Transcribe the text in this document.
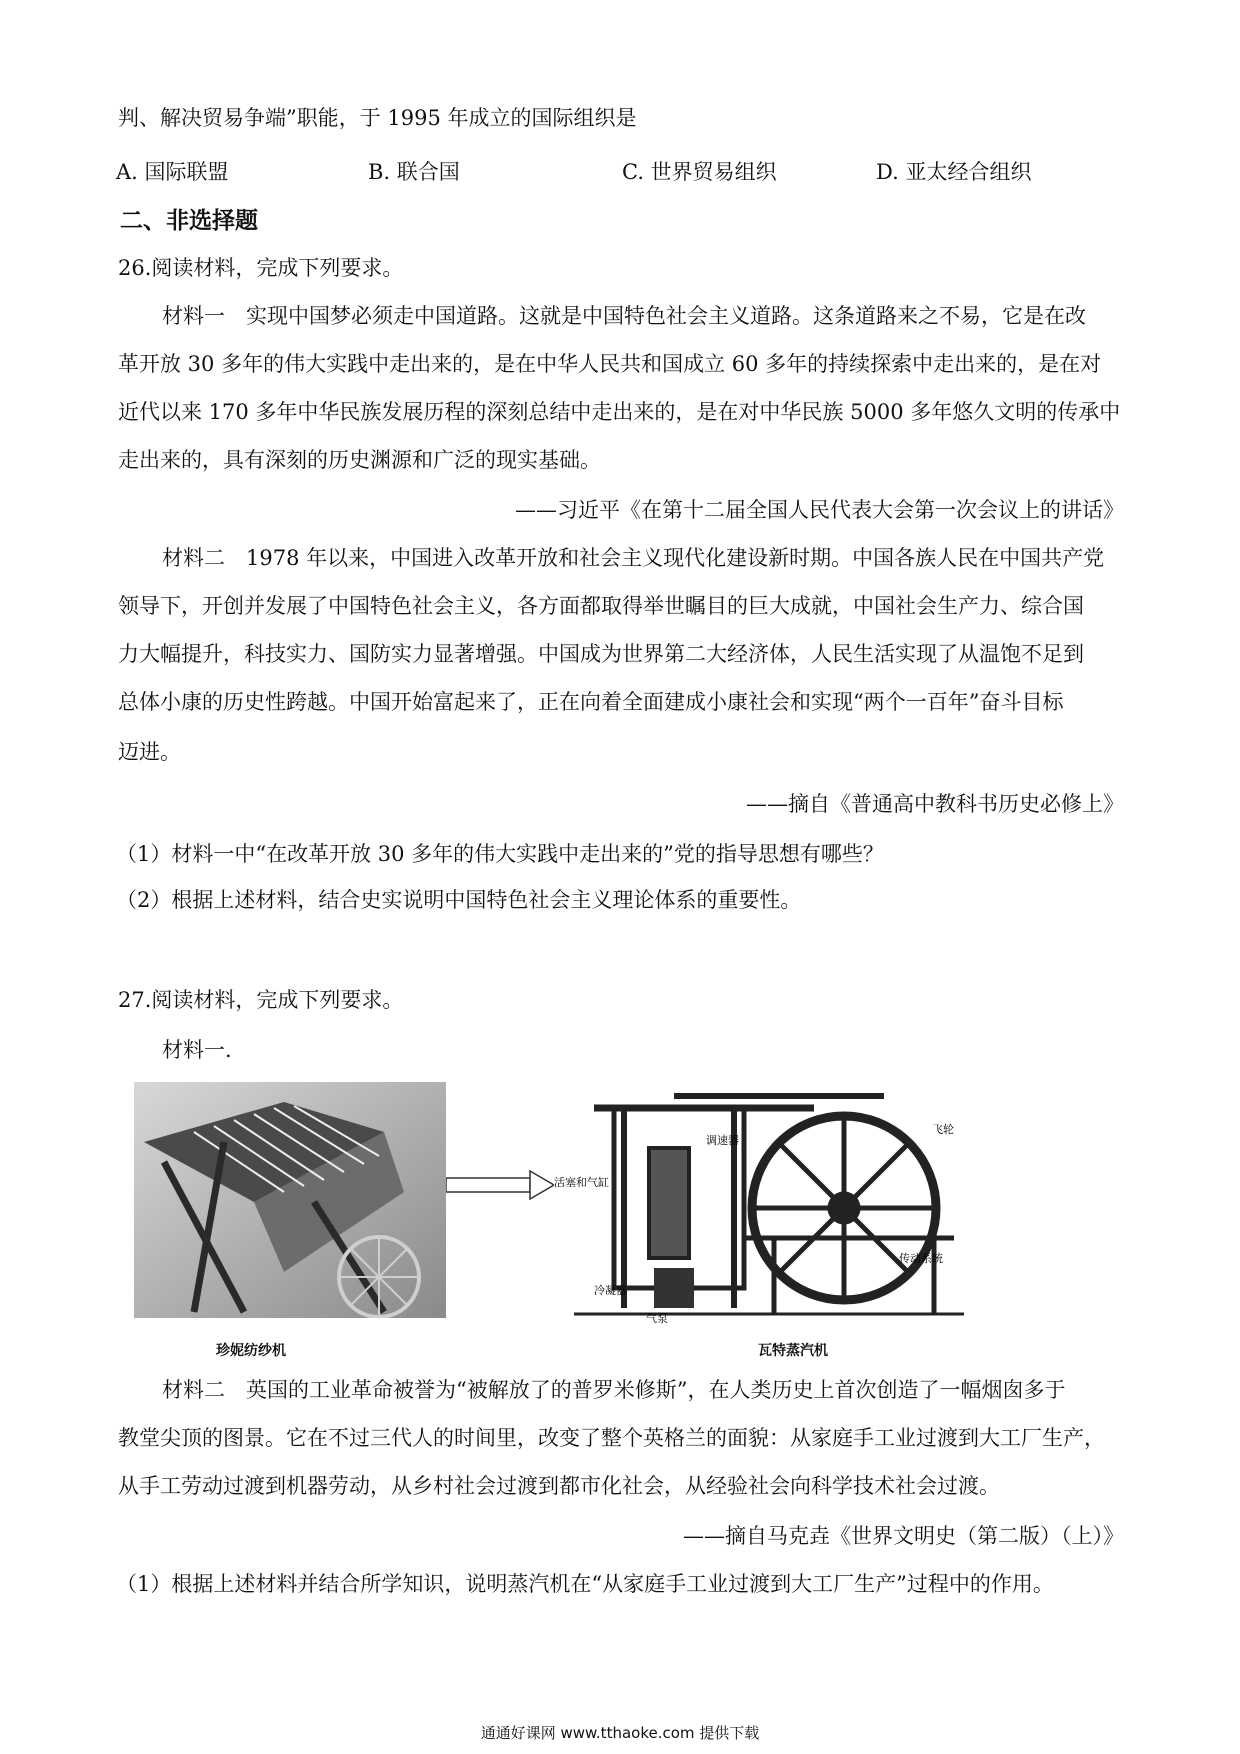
判、解决贸易争端”职能，于 1995 年成立的国际组织是
A. 国际联盟	B. 联合国	C. 世界贸易组织	D. 亚太经合组织
二、非选择题
26.阅读材料，完成下列要求。
材料一　实现中国梦必须走中国道路。这就是中国特色社会主义道路。这条道路来之不易，它是在改
革开放 30 多年的伟大实践中走出来的，是在中华人民共和国成立 60 多年的持续探索中走出来的，是在对
近代以来 170 多年中华民族发展历程的深刻总结中走出来的，是在对中华民族 5000 多年悠久文明的传承中
走出来的，具有深刻的历史渊源和广泛的现实基础。
——习近平《在第十二届全国人民代表大会第一次会议上的讲话》
材料二　1978 年以来，中国进入改革开放和社会主义现代化建设新时期。中国各族人民在中国共产党
领导下，开创并发展了中国特色社会主义，各方面都取得举世瞩目的巨大成就，中国社会生产力、综合国
力大幅提升，科技实力、国防实力显著增强。中国成为世界第二大经济体，人民生活实现了从温饱不足到
总体小康的历史性跨越。中国开始富起来了，正在向着全面建成小康社会和实现“两个一百年”奋斗目标
迈进。
——摘自《普通高中教科书历史必修上》
（1）材料一中“在改革开放 30 多年的伟大实践中走出来的”党的指导思想有哪些？
（2）根据上述材料，结合史实说明中国特色社会主义理论体系的重要性。
27.阅读材料，完成下列要求。
材料一.
珍妮纺纱机
飞轮
调速器
活塞和气缸
传动系统
冷凝器
气泵
瓦特蒸汽机
材料二　英国的工业革命被誉为“被解放了的普罗米修斯”，在人类历史上首次创造了一幅烟囱多于
教堂尖顶的图景。它在不过三代人的时间里，改变了整个英格兰的面貌：从家庭手工业过渡到大工厂生产，
从手工劳动过渡到机器劳动，从乡村社会过渡到都市化社会，从经验社会向科学技术社会过渡。
——摘自马克垚《世界文明史（第二版）（上）》
（1）根据上述材料并结合所学知识，说明蒸汽机在“从家庭手工业过渡到大工厂生产”过程中的作用。
通通好课网 www.tthaoke.com 提供下载
